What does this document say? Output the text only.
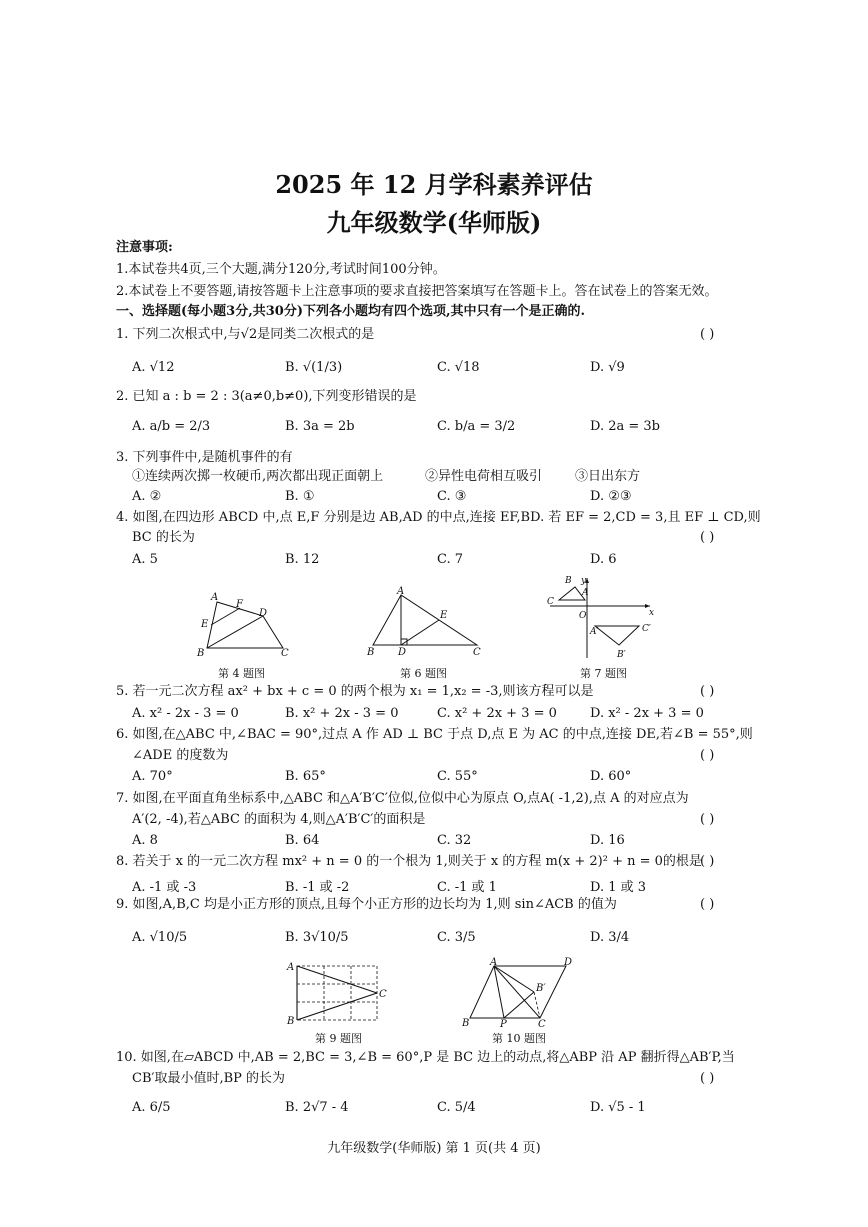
2025 年 12 月学科素养评估
九年级数学(华师版)
注意事项:
1.本试卷共4页,三个大题,满分120分,考试时间100分钟。
2.本试卷上不要答题,请按答题卡上注意事项的要求直接把答案填写在答题卡上。答在试卷上的答案无效。
一、选择题(每小题3分,共30分)下列各小题均有四个选项,其中只有一个是正确的.
1. 下列二次根式中,与√2是同类二次根式的是	( )
A. √12	B. √(1/3)	C. √18	D. √9
2. 已知 a : b = 2 : 3(a≠0,b≠0),下列变形错误的是
A. a/b = 2/3	B. 3a = 2b	C. b/a = 3/2	D. 2a = 3b
3. 下列事件中,是随机事件的有
①连续两次掷一枚硬币,两次都出现正面朝上	②异性电荷相互吸引	③日出东方
A. ②	B. ①	C. ③	D. ②③
4. 如图,在四边形 ABCD 中,点 E,F 分别是边 AB,AD 的中点,连接 EF,BD. 若 EF = 2,CD = 3,且 EF ⊥ CD,则
BC 的长为	( )
A. 5	B. 12	C. 7	D. 6
A
F
D
E
B	C
第 4 题图
A
B D	C
E
第 6 题图
B y
A
C
O	x
A′	C′
B′
第 7 题图
5. 若一元二次方程 ax² + bx + c = 0 的两个根为 x₁ = 1,x₂ = -3,则该方程可以是	( )
A. x² - 2x - 3 = 0	B. x² + 2x - 3 = 0	C. x² + 2x + 3 = 0	D. x² - 2x + 3 = 0
6. 如图,在△ABC 中,∠BAC = 90°,过点 A 作 AD ⊥ BC 于点 D,点 E 为 AC 的中点,连接 DE,若∠B = 55°,则
∠ADE 的度数为	( )
A. 70°	B. 65°	C. 55°	D. 60°
7. 如图,在平面直角坐标系中,△ABC 和△A′B′C′位似,位似中心为原点 O,点A( -1,2),点 A 的对应点为
A′(2, -4),若△ABC 的面积为 4,则△A′B′C′的面积是	( )
A. 8	B. 64	C. 32	D. 16
8. 若关于 x 的一元二次方程 mx² + n = 0 的一个根为 1,则关于 x 的方程 m(x + 2)² + n = 0的根是
( )
A. -1 或 -3	B. -1 或 -2	C. -1 或 1	D. 1 或 3
9. 如图,A,B,C 均是小正方形的顶点,且每个小正方形的边长均为 1,则 sin∠ACB 的值为	( )
A. √10/5	B. 3√10/5	C. 3/5	D. 3/4
A
B
C
第 9 题图
A	D
B	P	C
B′
第 10 题图
10. 如图,在▱ABCD 中,AB = 2,BC = 3,∠B = 60°,P 是 BC 边上的动点,将△ABP 沿 AP 翻折得△AB′P,当
CB′取最小值时,BP 的长为	( )
A. 6/5	B. 2√7 - 4	C. 5/4	D. √5 - 1
九年级数学(华师版) 第 1 页(共 4 页)
